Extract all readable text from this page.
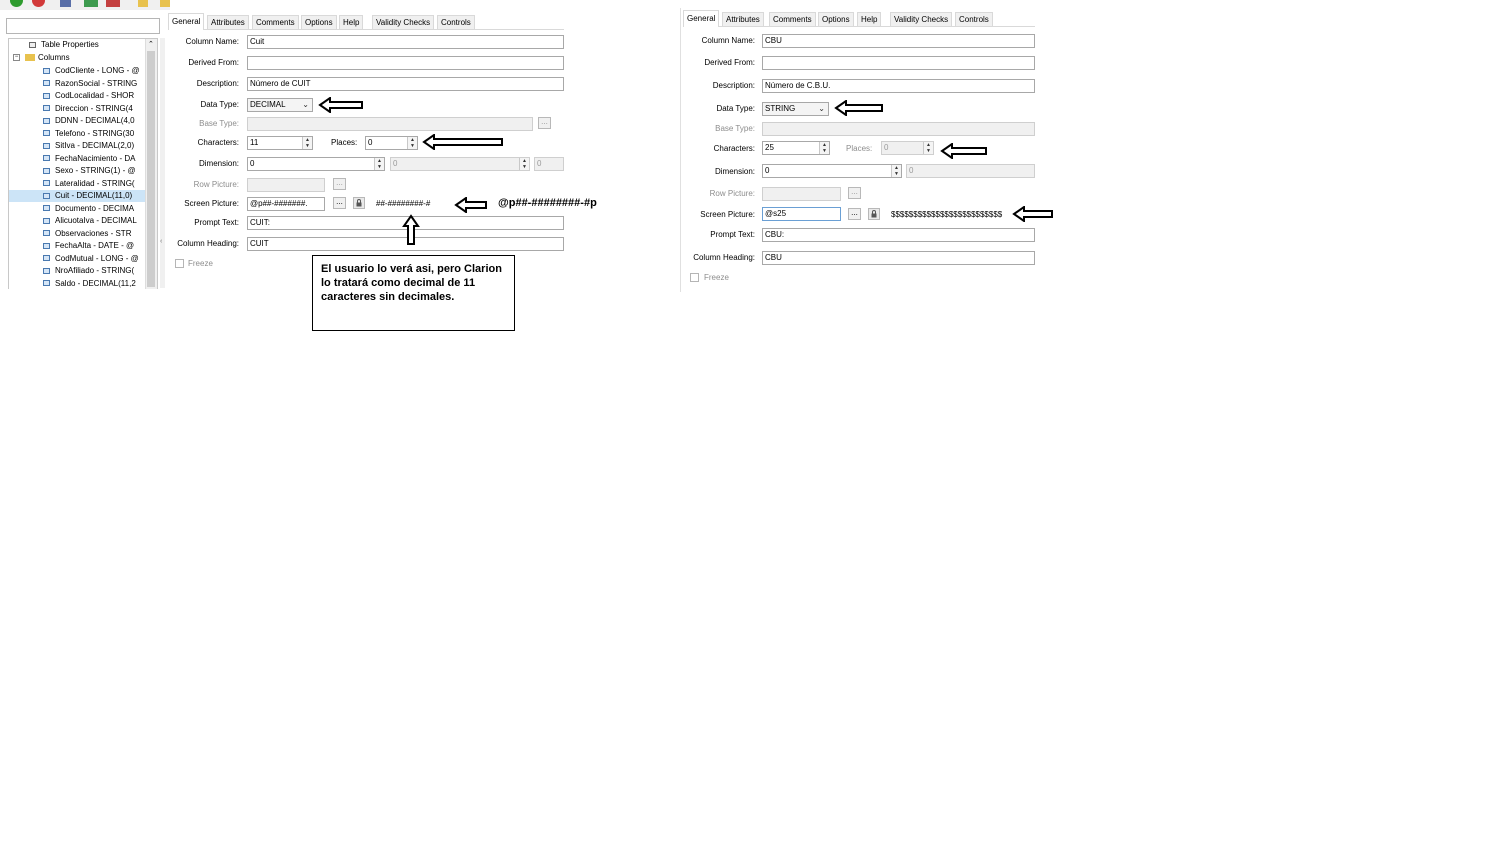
Table Properties
− Columns
CodCliente - LONG - @
RazonSocial - STRING
CodLocalidad - SHOR
Direccion - STRING(4
DDNN - DECIMAL(4,0
Telefono - STRING(30
SitIva - DECIMAL(2,0)
FechaNacimiento - DA
Sexo - STRING(1) - @
Lateralidad - STRING(
Cuit - DECIMAL(11,0)
Documento - DECIMA
AlicuotaIva - DECIMAL
Observaciones - STR
FechaAlta - DATE - @
CodMutual - LONG - @
NroAfiliado - STRING(
Saldo - DECIMAL(11,2
⌃
‹
General	Attributes	Comments	Options	Help	Validity Checks	Controls
Column Name:	Cuit
Derived From:
Description:	Número de CUIT
Data Type:	DECIMAL ⌄
Base Type:	...
Characters:	11	▲
▼	Places:	0	▲
▼
Dimension:	0	▲
▼	0	▲
▼	0
Row Picture:	...
Screen Picture:	@p##-#######.	...	##-########-#
Prompt Text:	CUIT:
Column Heading:	CUIT
Freeze
@p##-########-#p
El usuario lo verá asi, pero Clarion lo tratará como decimal de 11 caracteres sin decimales.
General	Attributes	Comments	Options	Help	Validity Checks	Controls
Column Name:	CBU
Derived From:
Description:	Número de C.B.U.
Data Type:	STRING	⌄
Base Type:
Characters:	25	▲
▼ Places:	0	▲
▼
Dimension:	0	▲
▼	0
Row Picture:	...
Screen Picture:	@s25	...	$$$$$$$$$$$$$$$$$$$$$$$$$
Prompt Text:	CBU:
Column Heading:	CBU
Freeze
